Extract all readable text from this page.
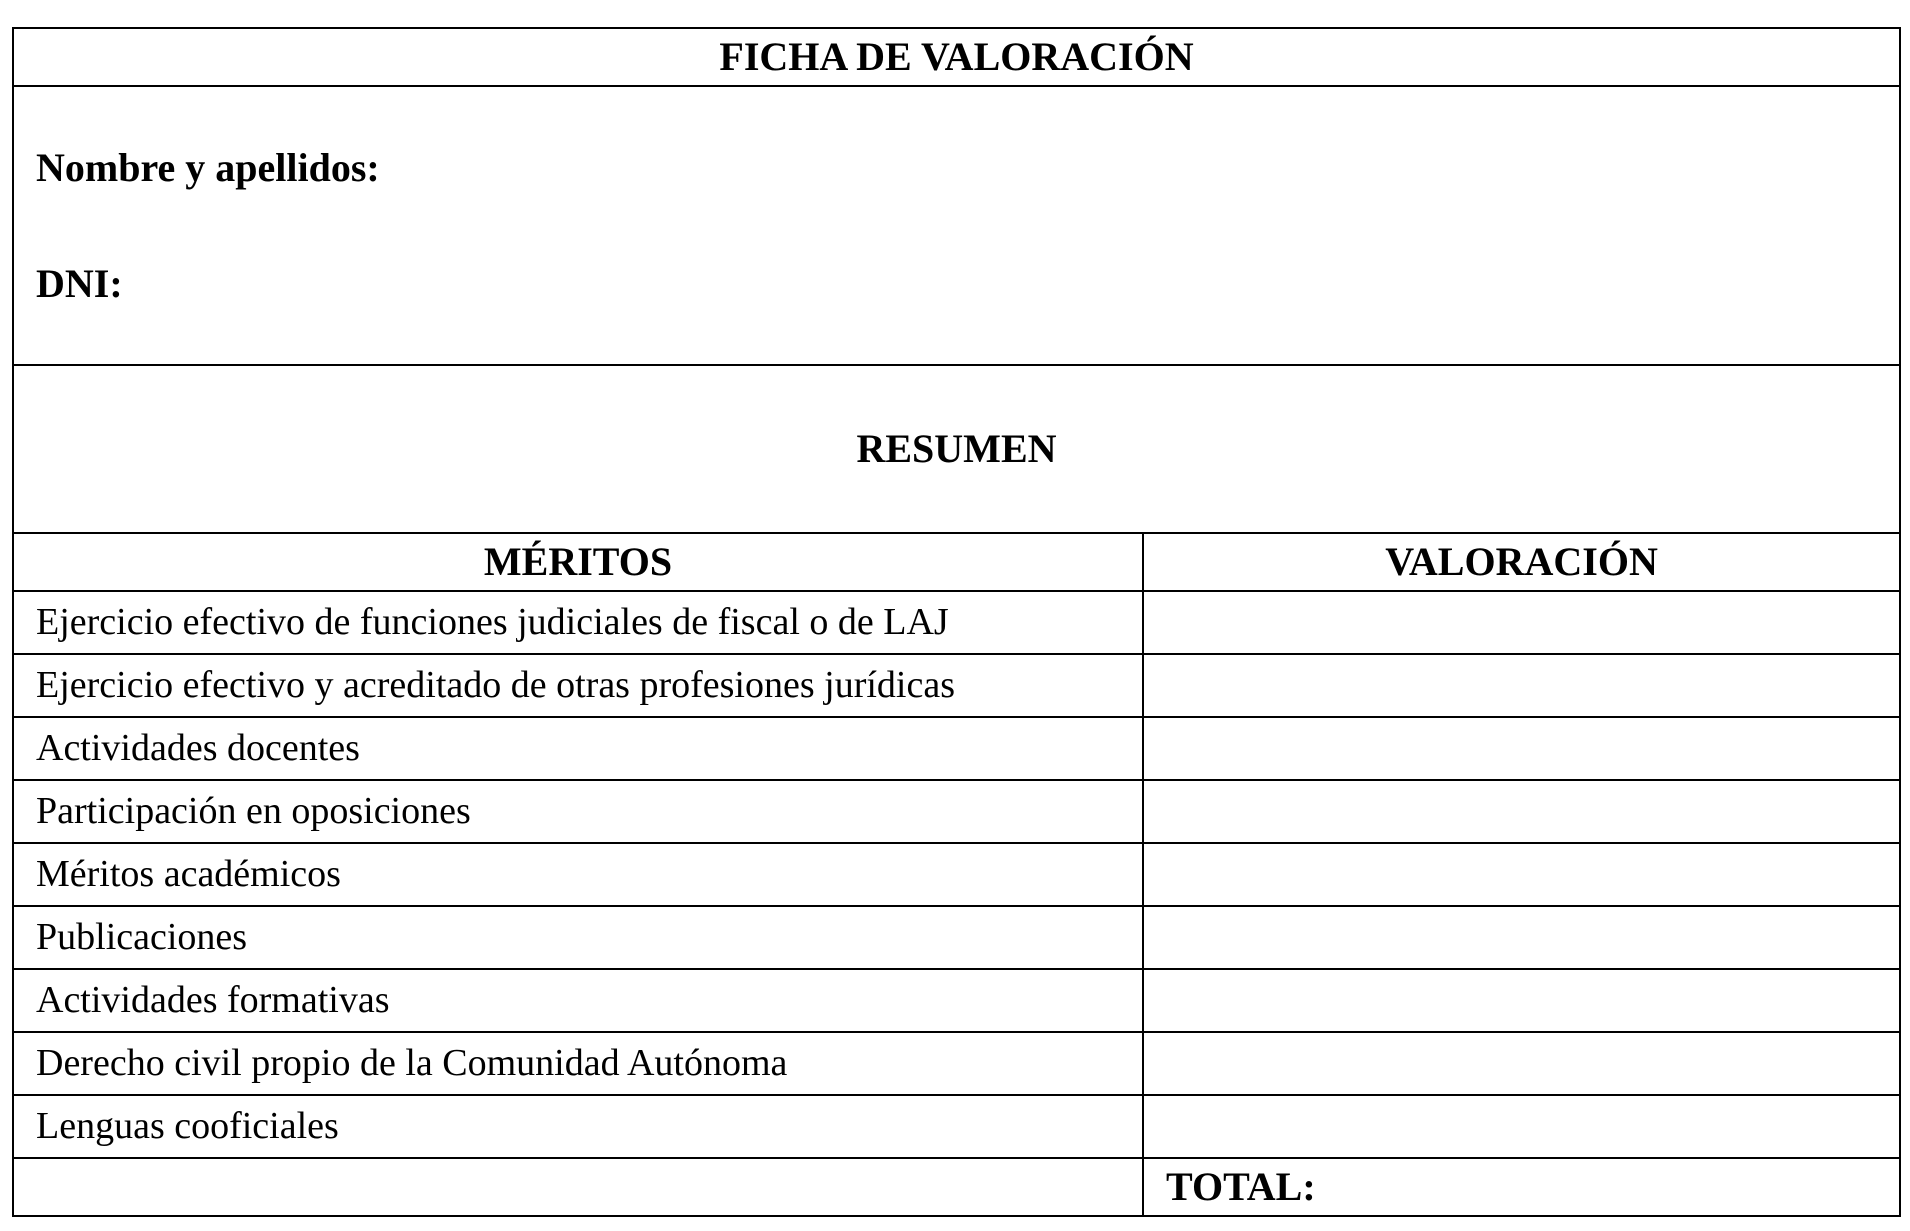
FICHA DE VALORACIÓN	

Nombre y apellidos:

DNI:	

RESUMEN	
MÉRITOS	VALORACIÓN
Ejercicio efectivo de funciones judiciales de fiscal o de LAJ	
Ejercicio efectivo y acreditado de otras profesiones jurídicas	
Actividades docentes	
Participación en oposiciones	
Méritos académicos	
Publicaciones	
Actividades formativas	
Derecho civil propio de la Comunidad Autónoma	
Lenguas cooficiales	
	TOTAL:
